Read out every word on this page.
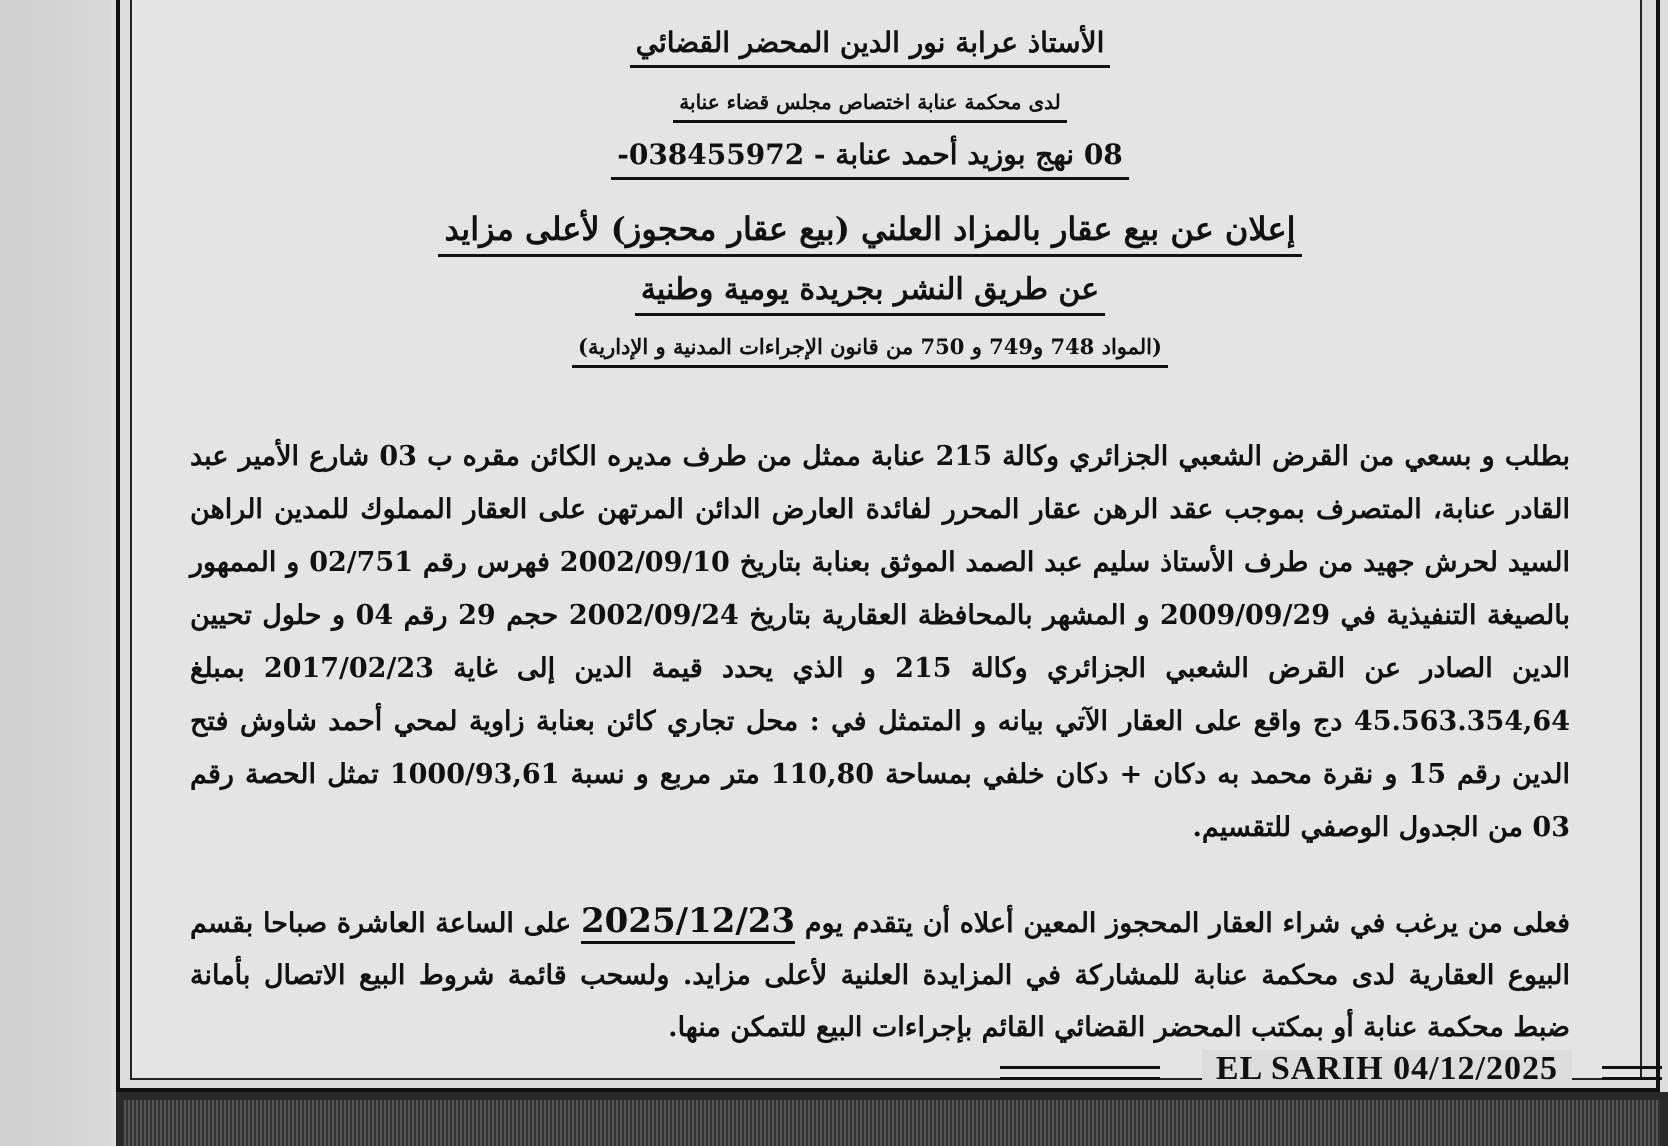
الأستاذ عرابة نور الدين المحضر القضائي
لدى محكمة عنابة اختصاص مجلس قضاء عنابة
08 نهج بوزيد أحمد عنابة - 038455972-
إعلان عن بيع عقار بالمزاد العلني (بيع عقار محجوز) لأعلى مزايد
عن طريق النشر بجريدة يومية وطنية
(المواد 748 و749 و 750 من قانون الإجراءات المدنية و الإدارية)

بطلب و بسعي من القرض الشعبي الجزائري وكالة 215 عنابة ممثل من طرف مديره الكائن مقره ب 03 شارع الأمير عبد القادر عنابة، المتصرف بموجب عقد الرهن عقار المحرر لفائدة العارض الدائن المرتهن على العقار المملوك للمدين الراهن السيد لحرش جهيد من طرف الأستاذ سليم عبد الصمد الموثق بعنابة بتاريخ 2002/09/10 فهرس رقم 02/751 و الممهور بالصيغة التنفيذية في 2009/09/29 و المشهر بالمحافظة العقارية بتاريخ 2002/09/24 حجم 29 رقم 04 و حلول تحيين الدين الصادر عن القرض الشعبي الجزائري وكالة 215 و الذي يحدد قيمة الدين إلى غاية 2017/02/23 بمبلغ 45.563.354,64 دج واقع على العقار الآتي بيانه و المتمثل في : محل تجاري كائن بعنابة زاوية لمحي أحمد شاوش فتح الدين رقم 15 و نقرة محمد به دكان + دكان خلفي بمساحة 110,80 متر مربع و نسبة 1000/93,61 تمثل الحصة رقم 03 من الجدول الوصفي للتقسيم.

فعلى من يرغب في شراء العقار المحجوز المعين أعلاه أن يتقدم يوم 2025/12/23 على الساعة العاشرة صباحا بقسم البيوع العقارية لدى محكمة عنابة للمشاركة في المزايدة العلنية لأعلى مزايد. ولسحب قائمة شروط البيع الاتصال بأمانة ضبط محكمة عنابة أو بمكتب المحضر القضائي القائم بإجراءات البيع للتمكن منها.
EL SARIH 04/12/2025
